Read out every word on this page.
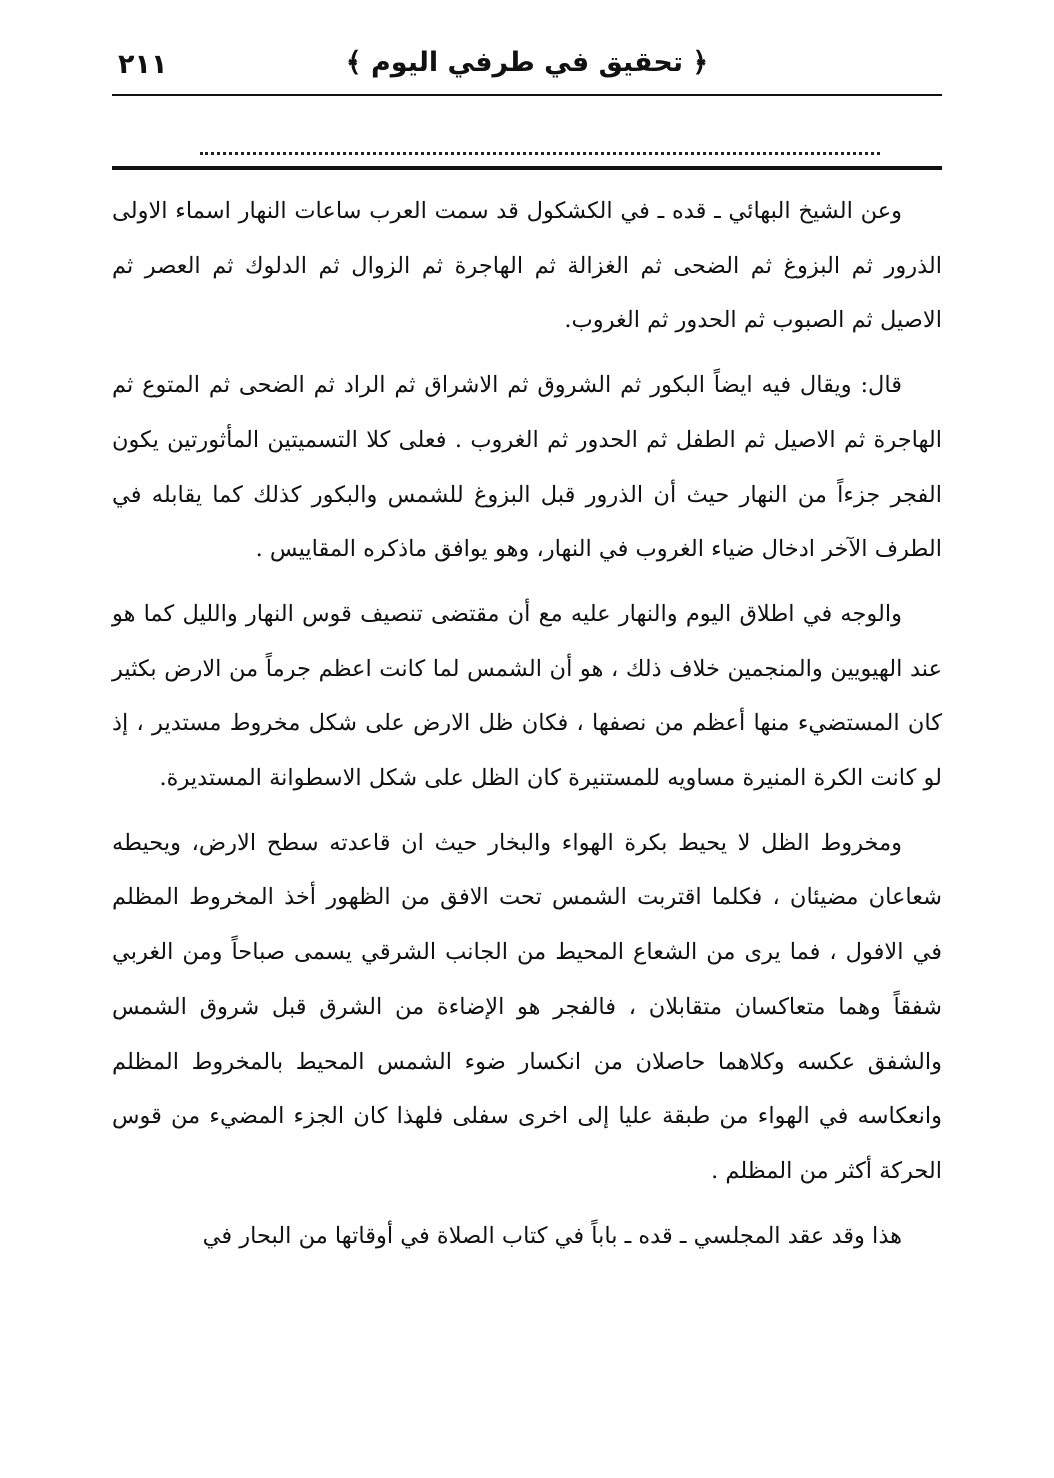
﴿ تحقيق في طرفي اليوم ﴾
٢١١

وعن الشيخ البهائي ـ قده ـ في الكشكول قد سمت العرب ساعات النهار اسماء الاولى الذرور ثم البزوغ ثم الضحى ثم الغزالة ثم الهاجرة ثم الزوال ثم الدلوك ثم العصر ثم الاصيل ثم الصبوب ثم الحدور ثم الغروب.

قال: ويقال فيه ايضاً البكور ثم الشروق ثم الاشراق ثم الراد ثم الضحى ثم المتوع ثم الهاجرة ثم الاصيل ثم الطفل ثم الحدور ثم الغروب . فعلى كلا التسميتين المأثورتين يكون الفجر جزءاً من النهار حيث أن الذرور قبل البزوغ للشمس والبكور كذلك كما يقابله في الطرف الآخر ادخال ضياء الغروب في النهار، وهو يوافق ماذكره المقاييس .

والوجه في اطلاق اليوم والنهار عليه مع أن مقتضى تنصيف قوس النهار والليل كما هو عند الهيويين والمنجمين خلاف ذلك ، هو أن الشمس لما كانت اعظم جرماً من الارض بكثير كان المستضيء منها أعظم من نصفها ، فكان ظل الارض على شكل مخروط مستدير ، إذ لو كانت الكرة المنيرة مساويه للمستنيرة كان الظل على شكل الاسطوانة المستديرة.

ومخروط الظل لا يحيط بكرة الهواء والبخار حيث ان قاعدته سطح الارض، ويحيطه شعاعان مضيئان ، فكلما اقتربت الشمس تحت الافق من الظهور أخذ المخروط المظلم في الافول ، فما يرى من الشعاع المحيط من الجانب الشرقي يسمى صباحاً ومن الغربي شفقاً وهما متعاكسان متقابلان ، فالفجر هو الإضاءة من الشرق قبل شروق الشمس والشفق عكسه وكلاهما حاصلان من انكسار ضوء الشمس المحيط بالمخروط المظلم وانعكاسه في الهواء من طبقة عليا إلى اخرى سفلى فلهذا كان الجزء المضيء من قوس الحركة أكثر من المظلم .

هذا وقد عقد المجلسي ـ قده ـ باباً في كتاب الصلاة في أوقاتها من البحار في
